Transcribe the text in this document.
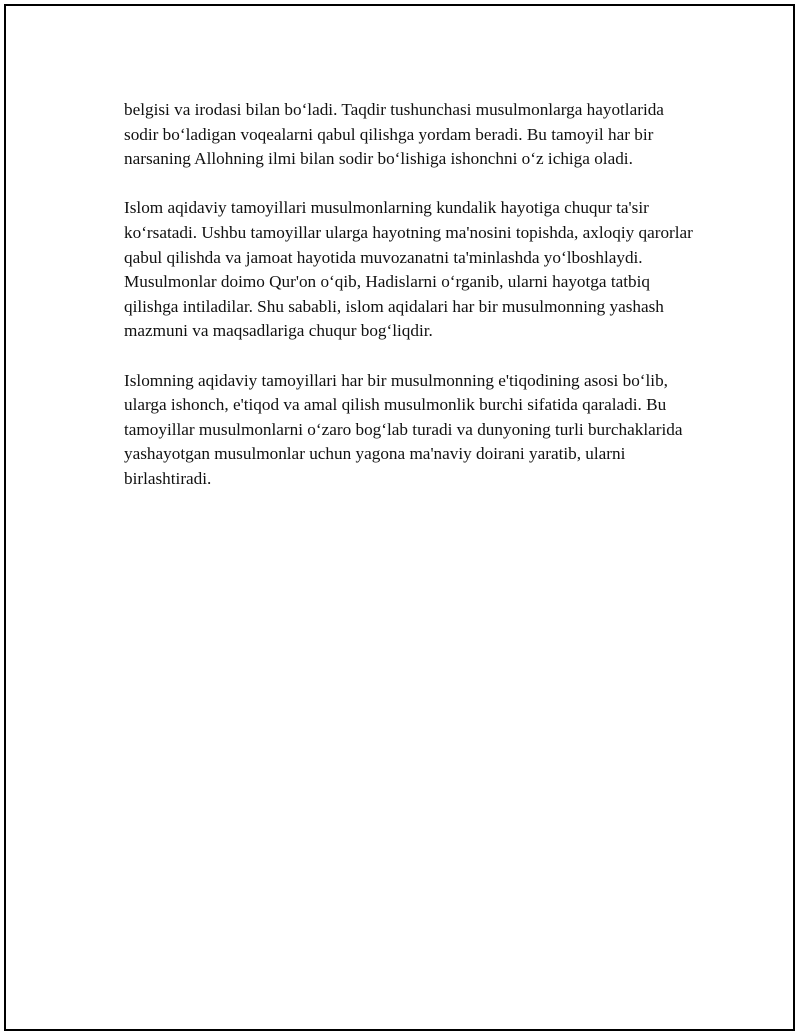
belgisi va irodasi bilan bo‘ladi. Taqdir tushunchasi musulmonlarga hayotlarida sodir bo‘ladigan voqealarni qabul qilishga yordam beradi. Bu tamoyil har bir narsaning Allohning ilmi bilan sodir bo‘lishiga ishonchni o‘z ichiga oladi.

Islom aqidaviy tamoyillari musulmonlarning kundalik hayotiga chuqur ta'sir ko‘rsatadi. Ushbu tamoyillar ularga hayotning ma'nosini topishda, axloqiy qarorlar qabul qilishda va jamoat hayotida muvozanatni ta'minlashda yo‘lboshlaydi. Musulmonlar doimo Qur'on o‘qib, Hadislarni o‘rganib, ularni hayotga tatbiq qilishga intiladilar. Shu sababli, islom aqidalari har bir musulmonning yashash mazmuni va maqsadlariga chuqur bog‘liqdir.

Islomning aqidaviy tamoyillari har bir musulmonning e'tiqodining asosi bo‘lib, ularga ishonch, e'tiqod va amal qilish musulmonlik burchi sifatida qaraladi. Bu tamoyillar musulmonlarni o‘zaro bog‘lab turadi va dunyoning turli burchaklarida yashayotgan musulmonlar uchun yagona ma'naviy doirani yaratib, ularni birlashtiradi.
